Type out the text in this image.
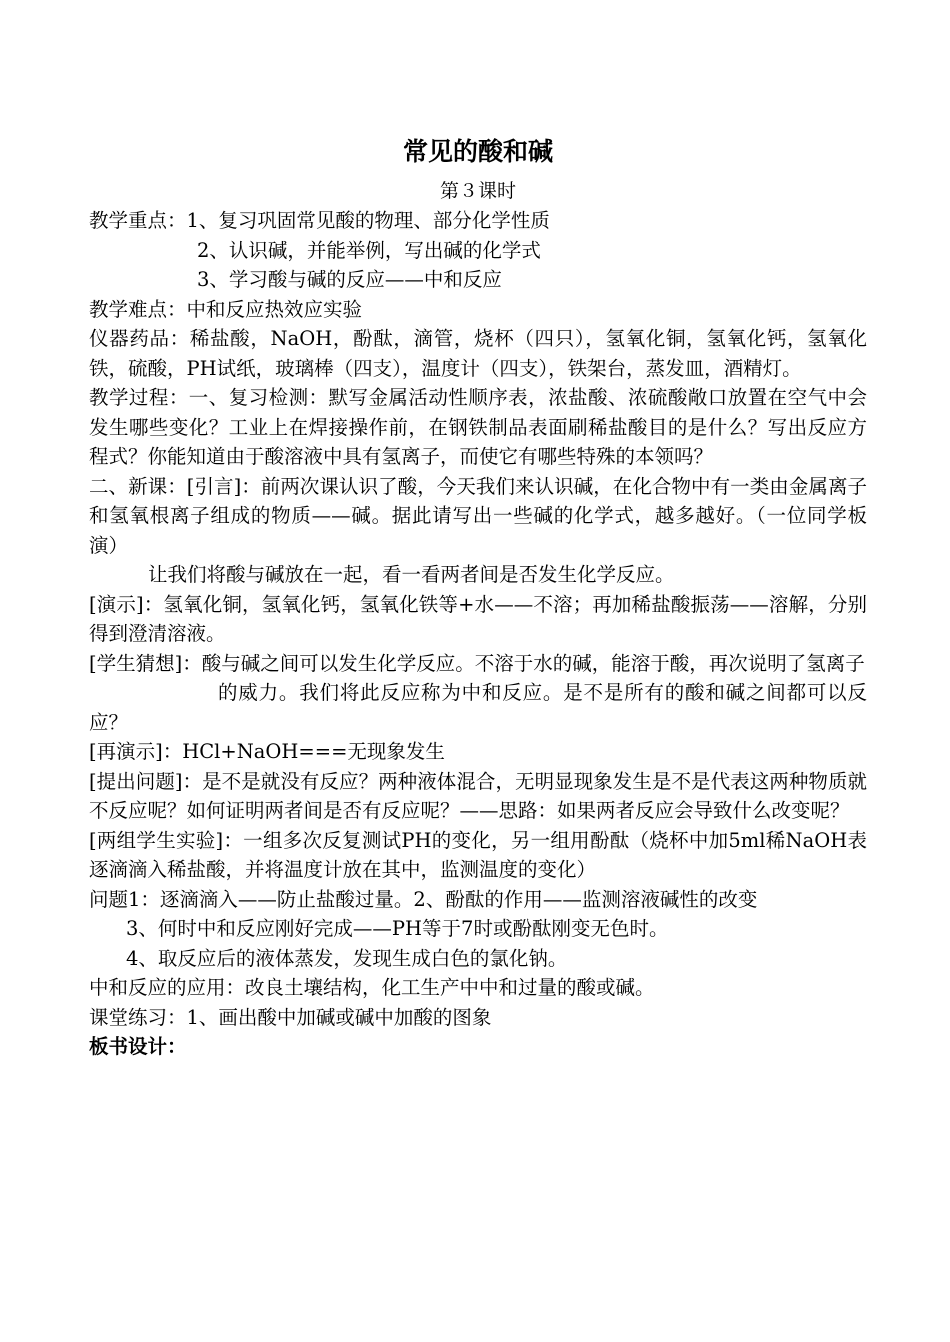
常见的酸和碱

第３课时

教学重点：1、复习巩固常见酸的物理、部分化学性质

2、认识碱，并能举例，写出碱的化学式

3、学习酸与碱的反应——中和反应

教学难点：中和反应热效应实验

仪器药品：稀盐酸，NaOH，酚酞，滴管，烧杯（四只），氢氧化铜，氢氧化钙，氢氧化铁，硫酸，PH试纸，玻璃棒（四支），温度计（四支），铁架台，蒸发皿，酒精灯。

教学过程：一、复习检测：默写金属活动性顺序表，浓盐酸、浓硫酸敞口放置在空气中会发生哪些变化？工业上在焊接操作前，在钢铁制品表面刷稀盐酸目的是什么？写出反应方程式？你能知道由于酸溶液中具有氢离子，而使它有哪些特殊的本领吗？

二、新课：[引言]：前两次课认识了酸，今天我们来认识碱，在化合物中有一类由金属离子和氢氧根离子组成的物质——碱。据此请写出一些碱的化学式，越多越好。（一位同学板演）

让我们将酸与碱放在一起，看一看两者间是否发生化学反应。

[演示]：氢氧化铜，氢氧化钙，氢氧化铁等+水——不溶；再加稀盐酸振荡——溶解，分别得到澄清溶液。

[学生猜想]：酸与碱之间可以发生化学反应。不溶于水的碱，能溶于酸，再次说明了氢离子

的威力。我们将此反应称为中和反应。是不是所有的酸和碱之间都可以反应？

[再演示]：HCl+NaOH===无现象发生

[提出问题]：是不是就没有反应？两种液体混合，无明显现象发生是不是代表这两种物质就不反应呢？如何证明两者间是否有反应呢？——思路：如果两者反应会导致什么改变呢？

[两组学生实验]：一组多次反复测试PH的变化，另一组用酚酞（烧杯中加5ml稀NaOH表逐滴滴入稀盐酸，并将温度计放在其中，监测温度的变化）

问题1：逐滴滴入——防止盐酸过量。2、酚酞的作用——监测溶液碱性的改变

3、何时中和反应刚好完成——PH等于7时或酚酞刚变无色时。

4、取反应后的液体蒸发，发现生成白色的氯化钠。

中和反应的应用：改良土壤结构，化工生产中中和过量的酸或碱。

课堂练习：1、画出酸中加碱或碱中加酸的图象

板书设计：
